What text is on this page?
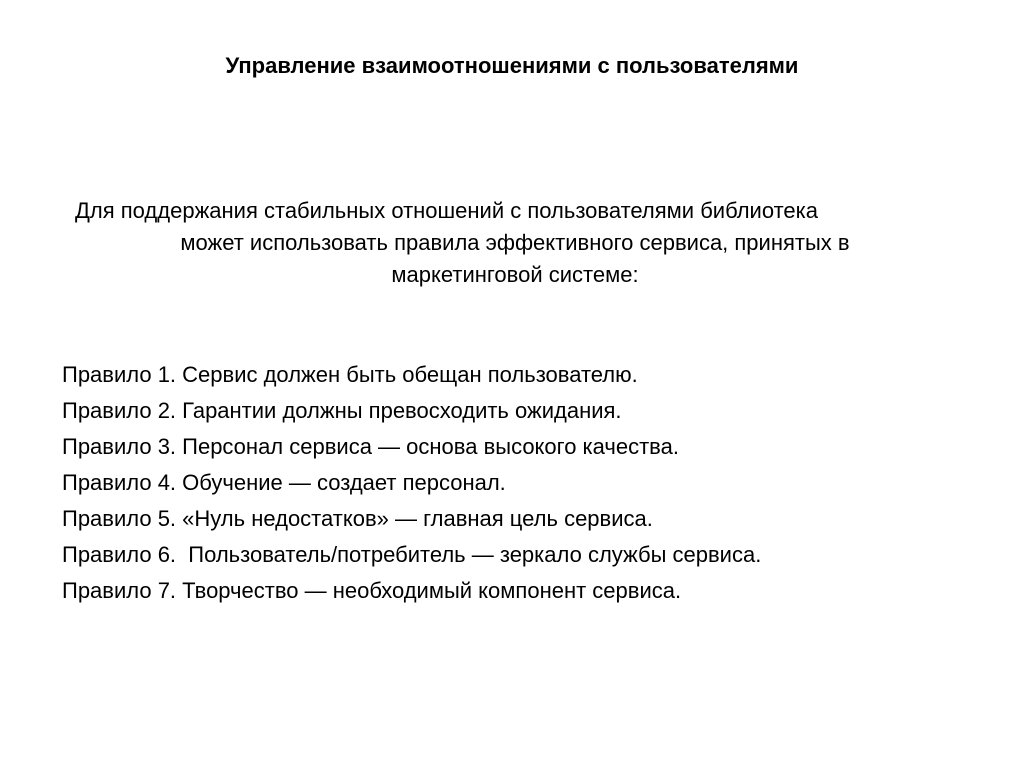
Управление взаимоотношениями с пользователями
Для поддержания стабильных отношений с пользователями библиотека
может использовать правила эффективного сервиса, принятых в
маркетинговой системе:
Правило 1. Сервис должен быть обещан пользователю.
Правило 2. Гарантии должны превосходить ожидания.
Правило 3. Персонал сервиса — основа высокого качества.
Правило 4. Обучение — создает персонал.
Правило 5. «Нуль недостатков» — главная цель сервиса.
Правило 6.  Пользователь/потребитель — зеркало службы сервиса.
Правило 7. Творчество — необходимый компонент сервиса.
